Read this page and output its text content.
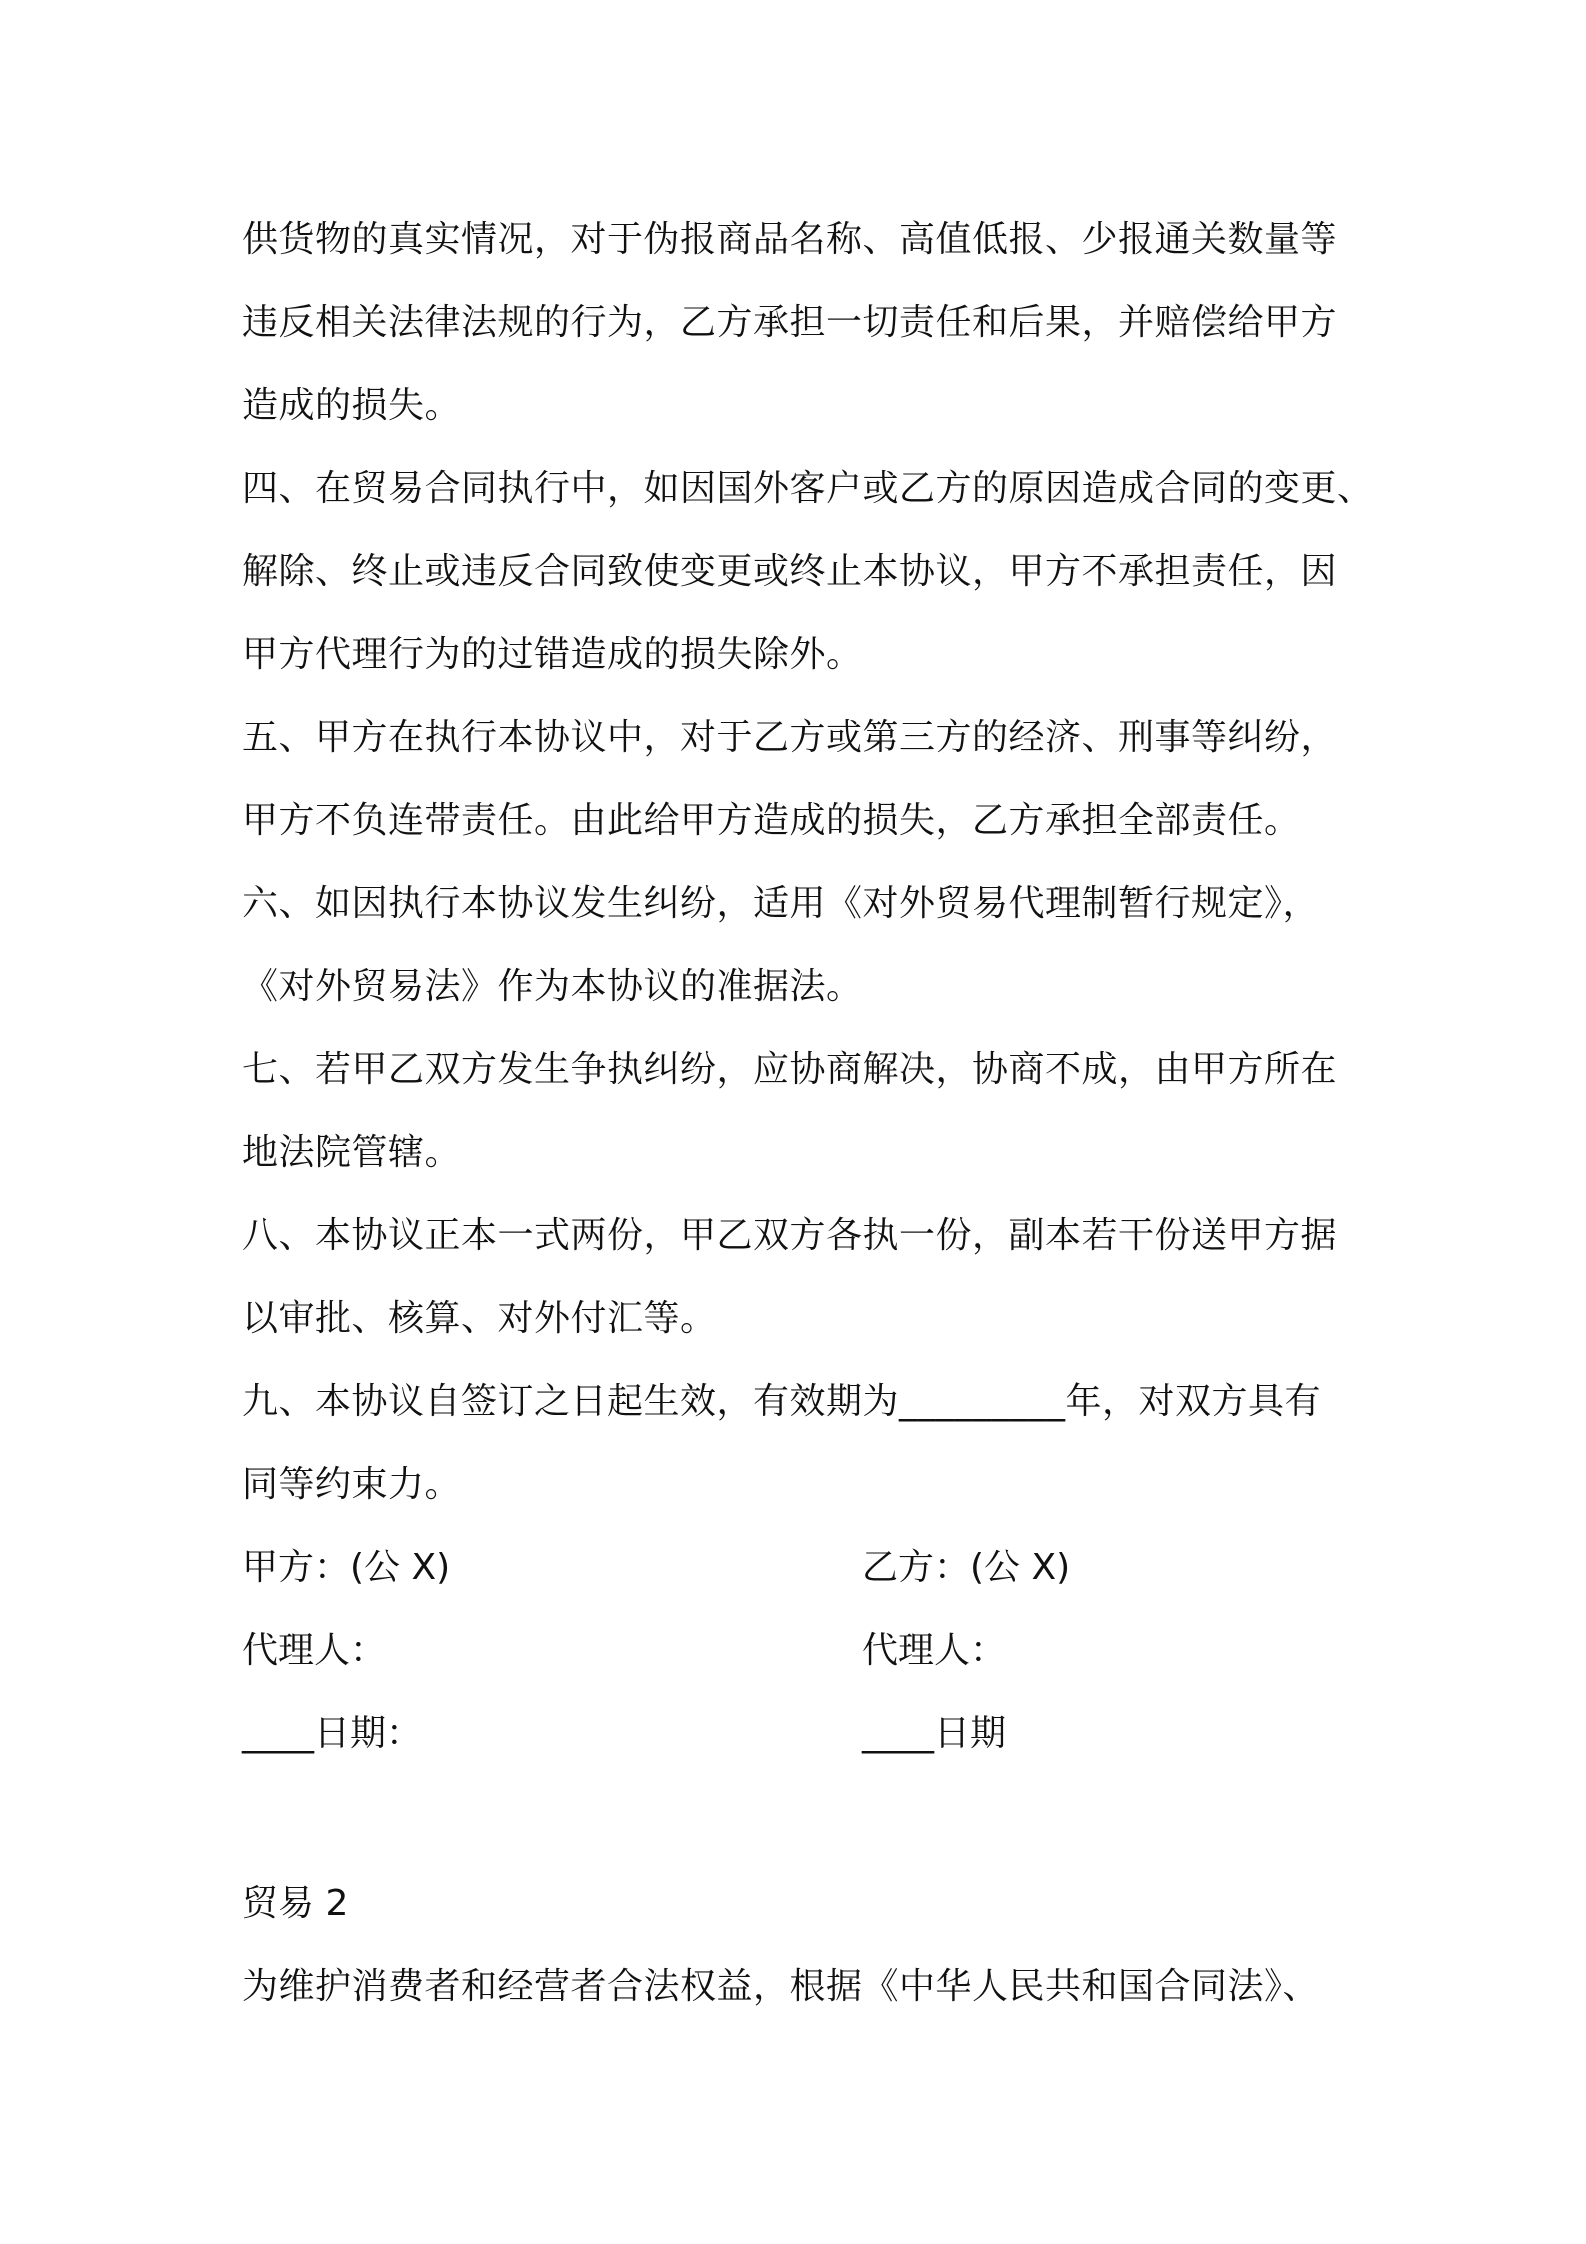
供货物的真实情况，对于伪报商品名称、高值低报、少报通关数量等
违反相关法律法规的行为，乙方承担一切责任和后果，并赔偿给甲方
造成的损失。
四、在贸易合同执行中，如因国外客户或乙方的原因造成合同的变更、
解除、终止或违反合同致使变更或终止本协议，甲方不承担责任，因
甲方代理行为的过错造成的损失除外。
五、甲方在执行本协议中，对于乙方或第三方的经济、刑事等纠纷，
甲方不负连带责任。由此给甲方造成的损失，乙方承担全部责任。
六、如因执行本协议发生纠纷，适用《对外贸易代理制暂行规定》，
《对外贸易法》作为本协议的准据法。
七、若甲乙双方发生争执纠纷，应协商解决，协商不成，由甲方所在
地法院管辖。
八、本协议正本一式两份，甲乙双方各执一份，副本若干份送甲方据
以审批、核算、对外付汇等。
九、本协议自签订之日起生效，有效期为_________年，对双方具有
同等约束力。
甲方：(公 X)	乙方：(公 X)
代理人：	代理人：
____日期：	____日期
贸易 2
为维护消费者和经营者合法权益，根据《中华人民共和国合同法》、
